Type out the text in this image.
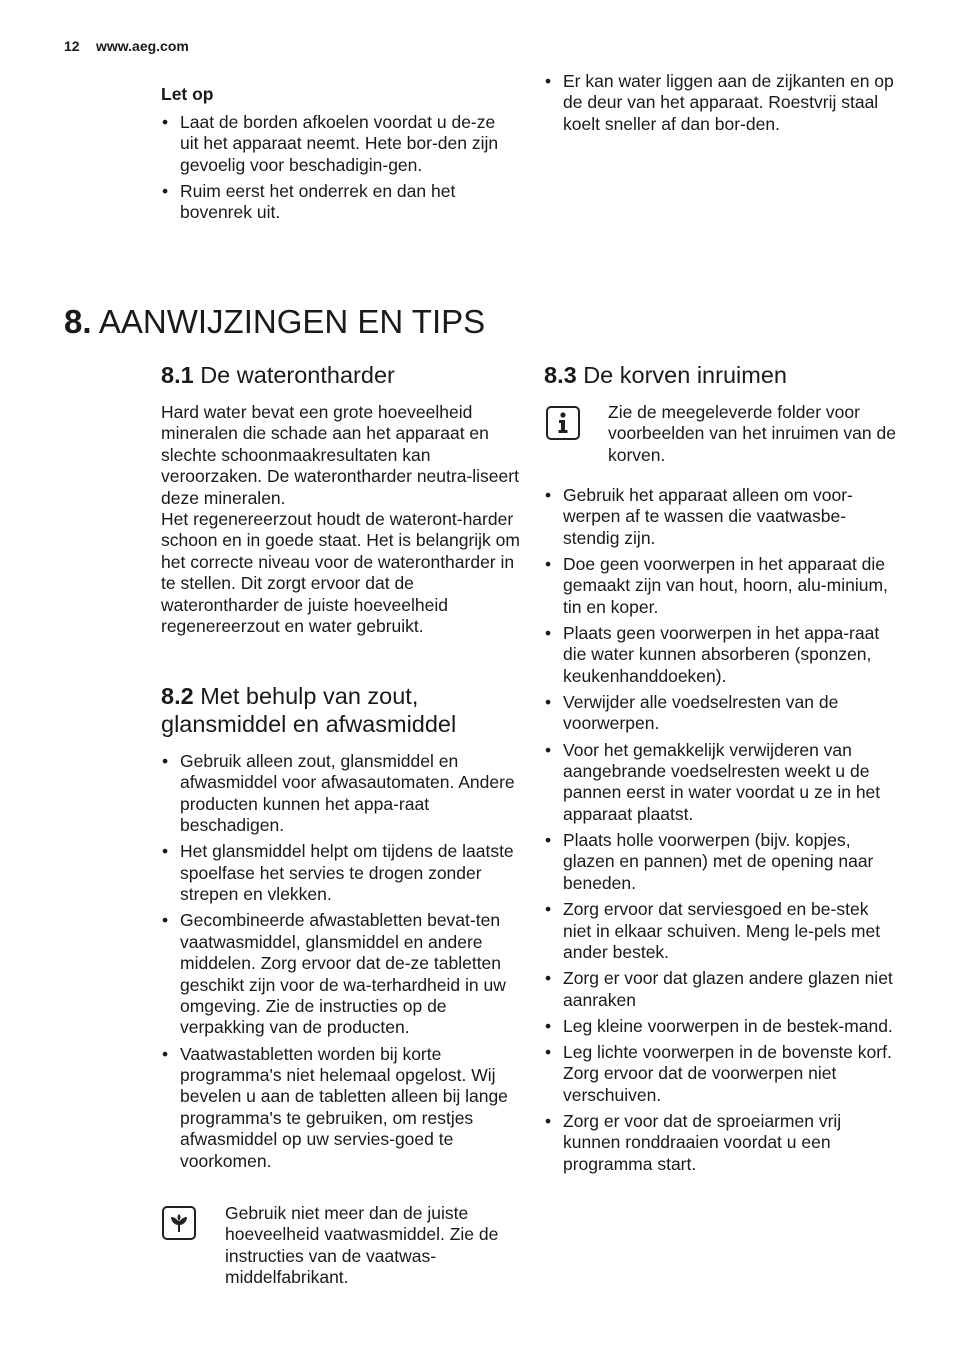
12 www.aeg.com
Let op
• Laat de borden afkoelen voordat u de-ze uit het apparaat neemt. Hete bor-den zijn gevoelig voor beschadigin-gen.
• Ruim eerst het onderrek en dan het bovenrek uit.
• Er kan water liggen aan de zijkanten en op de deur van het apparaat. Roestvrij staal koelt sneller af dan bor-den.
8. AANWIJZINGEN EN TIPS
8.1 De waterontharder
Hard water bevat een grote hoeveelheid mineralen die schade aan het apparaat en slechte schoonmaakresultaten kan veroorzaken. De waterontharder neutra-liseert deze mineralen.
Het regenereerzout houdt de wateront-harder schoon en in goede staat. Het is belangrijk om het correcte niveau voor de waterontharder in te stellen. Dit zorgt ervoor dat de waterontharder de juiste hoeveelheid regenereerzout en water gebruikt.
8.2 Met behulp van zout, glansmiddel en afwasmiddel
• Gebruik alleen zout, glansmiddel en afwasmiddel voor afwasautomaten. Andere producten kunnen het appa-raat beschadigen.
• Het glansmiddel helpt om tijdens de laatste spoelfase het servies te drogen zonder strepen en vlekken.
• Gecombineerde afwastabletten bevat-ten vaatwasmiddel, glansmiddel en andere middelen. Zorg ervoor dat de-ze tabletten geschikt zijn voor de wa-terhardheid in uw omgeving. Zie de instructies op de verpakking van de producten.
• Vaatwastabletten worden bij korte programma's niet helemaal opgelost. Wij bevelen u aan de tabletten alleen bij lange programma's te gebruiken, om restjes afwasmiddel op uw servies-goed te voorkomen.
Gebruik niet meer dan de juiste hoeveelheid vaatwasmiddel. Zie de instructies van de vaatwas-middelfabrikant.
8.3 De korven inruimen
Zie de meegeleverde folder voor voorbeelden van het inruimen van de korven.
• Gebruik het apparaat alleen om voor-werpen af te wassen die vaatwasbe-stendig zijn.
• Doe geen voorwerpen in het apparaat die gemaakt zijn van hout, hoorn, alu-minium, tin en koper.
• Plaats geen voorwerpen in het appa-raat die water kunnen absorberen (sponzen, keukenhanddoeken).
• Verwijder alle voedselresten van de voorwerpen.
• Voor het gemakkelijk verwijderen van aangebrande voedselresten weekt u de pannen eerst in water voordat u ze in het apparaat plaatst.
• Plaats holle voorwerpen (bijv. kopjes, glazen en pannen) met de opening naar beneden.
• Zorg ervoor dat serviesgoed en be-stek niet in elkaar schuiven. Meng le-pels met ander bestek.
• Zorg er voor dat glazen andere glazen niet aanraken
• Leg kleine voorwerpen in de bestek-mand.
• Leg lichte voorwerpen in de bovenste korf. Zorg ervoor dat de voorwerpen niet verschuiven.
• Zorg er voor dat de sproeiarmen vrij kunnen ronddraaien voordat u een programma start.
